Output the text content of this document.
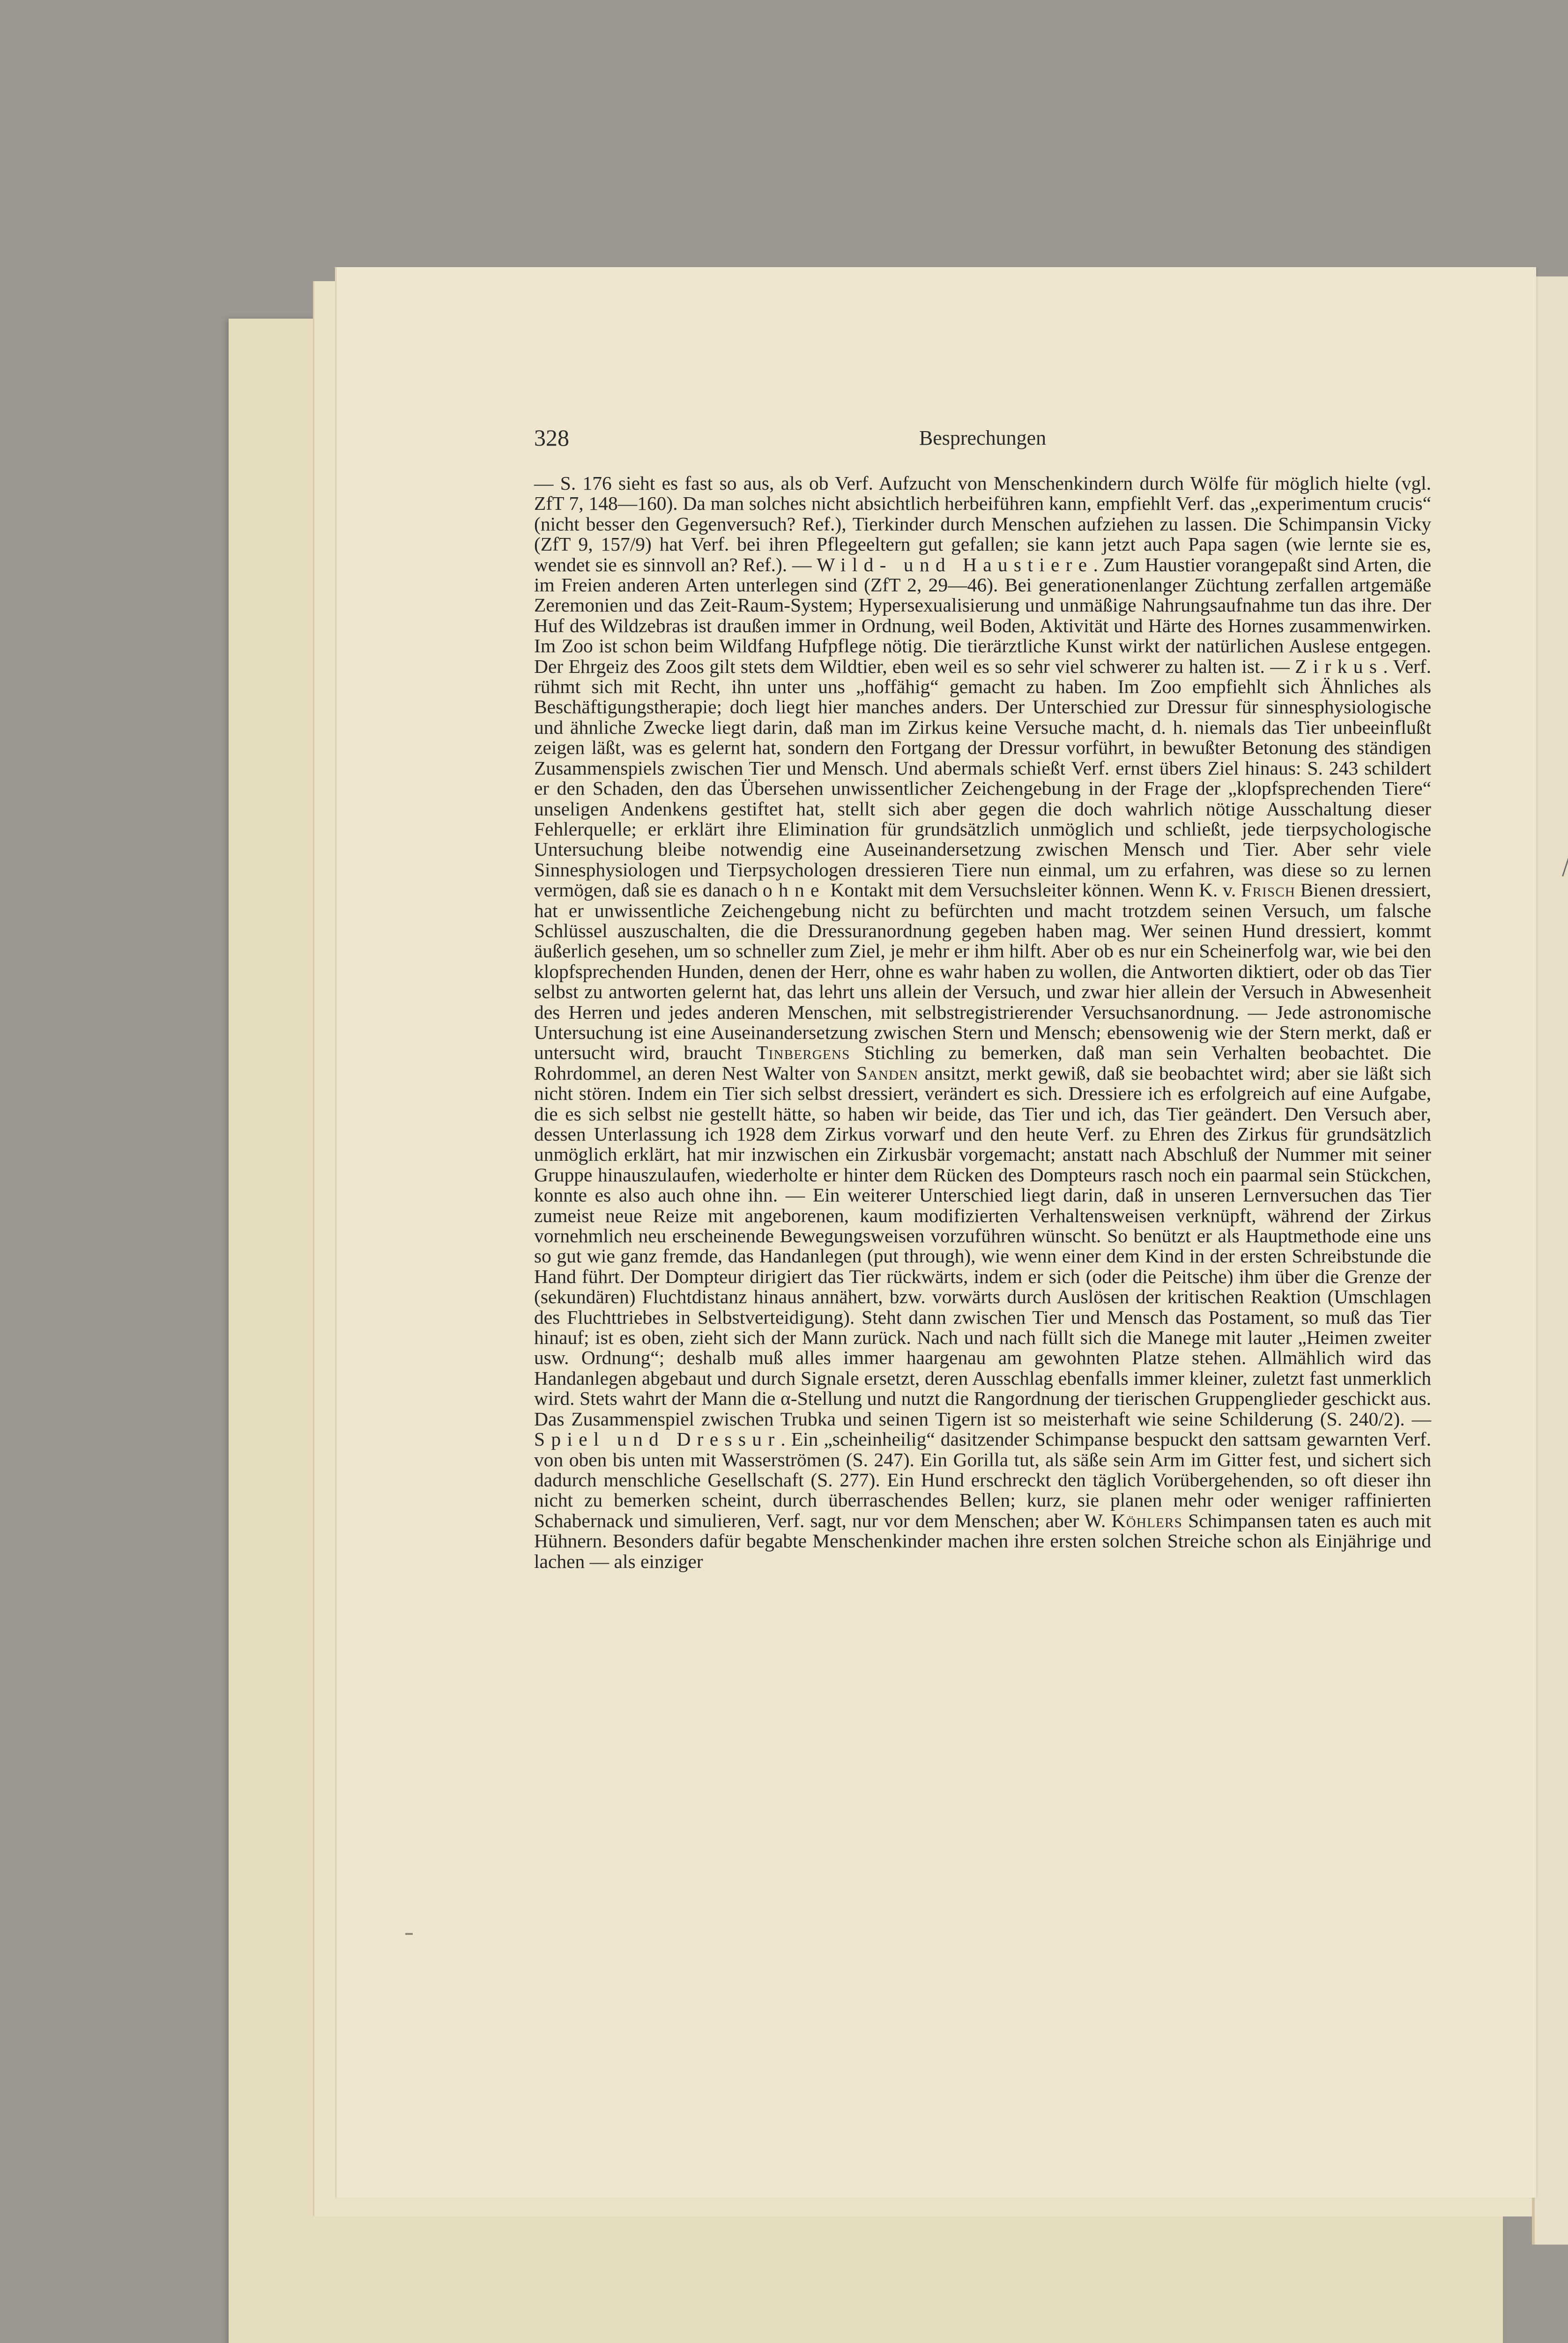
328	Besprechungen

— S. 176 sieht es fast so aus, als ob Verf. Aufzucht von Menschenkindern durch Wölfe für möglich hielte (vgl. ZfT 7, 148—160). Da man solches nicht absichtlich herbeiführen kann, empfiehlt Verf. das „experimentum crucis“ (nicht besser den Gegenversuch? Ref.), Tierkinder durch Menschen aufziehen zu lassen. Die Schimpansin Vicky (ZfT 9, 157/9) hat Verf. bei ihren Pflegeeltern gut gefallen; sie kann jetzt auch Papa sagen (wie lernte sie es, wendet sie es sinnvoll an? Ref.). — Wild- und Haustiere. Zum Haustier vorangepaßt sind Arten, die im Freien anderen Arten unterlegen sind (ZfT 2, 29—46). Bei generationenlanger Züchtung zerfallen artgemäße Zeremonien und das Zeit-Raum-System; Hypersexualisierung und unmäßige Nahrungsaufnahme tun das ihre. Der Huf des Wildzebras ist draußen immer in Ordnung, weil Boden, Aktivität und Härte des Hornes zusammenwirken. Im Zoo ist schon beim Wildfang Hufpflege nötig. Die tierärztliche Kunst wirkt der natürlichen Auslese entgegen. Der Ehrgeiz des Zoos gilt stets dem Wildtier, eben weil es so sehr viel schwerer zu halten ist. — Zirkus. Verf. rühmt sich mit Recht, ihn unter uns „hoffähig“ gemacht zu haben. Im Zoo empfiehlt sich Ähnliches als Beschäftigungstherapie; doch liegt hier manches anders. Der Unterschied zur Dressur für sinnesphysiologische und ähnliche Zwecke liegt darin, daß man im Zirkus keine Versuche macht, d. h. niemals das Tier unbeeinflußt zeigen läßt, was es gelernt hat, sondern den Fortgang der Dressur vorführt, in bewußter Betonung des ständigen Zusammenspiels zwischen Tier und Mensch. Und abermals schießt Verf. ernst übers Ziel hinaus: S. 243 schildert er den Schaden, den das Übersehen unwissentlicher Zeichengebung in der Frage der „klopfsprechenden Tiere“ unseligen Andenkens gestiftet hat, stellt sich aber gegen die doch wahrlich nötige Ausschaltung dieser Fehlerquelle; er erklärt ihre Elimination für grundsätzlich unmöglich und schließt, jede tierpsychologische Untersuchung bleibe notwendig eine Auseinandersetzung zwischen Mensch und Tier. Aber sehr viele Sinnesphysiologen und Tierpsychologen dressieren Tiere nun einmal, um zu erfahren, was diese so zu lernen vermögen, daß sie es danach ohne Kontakt mit dem Versuchsleiter können. Wenn K. v. Frisch Bienen dressiert, hat er unwissentliche Zeichengebung nicht zu befürchten und macht trotzdem seinen Versuch, um falsche Schlüssel auszuschalten, die die Dressuranordnung gegeben haben mag. Wer seinen Hund dressiert, kommt äußerlich gesehen, um so schneller zum Ziel, je mehr er ihm hilft. Aber ob es nur ein Scheinerfolg war, wie bei den klopfsprechenden Hunden, denen der Herr, ohne es wahr haben zu wollen, die Antworten diktiert, oder ob das Tier selbst zu antworten gelernt hat, das lehrt uns allein der Versuch, und zwar hier allein der Versuch in Abwesenheit des Herren und jedes anderen Menschen, mit selbstregistrierender Versuchsanordnung. — Jede astronomische Untersuchung ist eine Auseinandersetzung zwischen Stern und Mensch; ebensowenig wie der Stern merkt, daß er untersucht wird, braucht Tinbergens Stichling zu bemerken, daß man sein Verhalten beobachtet. Die Rohrdommel, an deren Nest Walter von Sanden ansitzt, merkt gewiß, daß sie beobachtet wird; aber sie läßt sich nicht stören. Indem ein Tier sich selbst dressiert, verändert es sich. Dressiere ich es erfolgreich auf eine Aufgabe, die es sich selbst nie gestellt hätte, so haben wir beide, das Tier und ich, das Tier geändert. Den Versuch aber, dessen Unterlassung ich 1928 dem Zirkus vorwarf und den heute Verf. zu Ehren des Zirkus für grundsätzlich unmöglich erklärt, hat mir inzwischen ein Zirkusbär vorgemacht; anstatt nach Abschluß der Nummer mit seiner Gruppe hinauszulaufen, wiederholte er hinter dem Rücken des Dompteurs rasch noch ein paarmal sein Stückchen, konnte es also auch ohne ihn. — Ein weiterer Unterschied liegt darin, daß in unseren Lernversuchen das Tier zumeist neue Reize mit angeborenen, kaum modifizierten Verhaltensweisen verknüpft, während der Zirkus vornehmlich neu erscheinende Bewegungsweisen vorzuführen wünscht. So benützt er als Hauptmethode eine uns so gut wie ganz fremde, das Handanlegen (put through), wie wenn einer dem Kind in der ersten Schreibstunde die Hand führt. Der Dompteur dirigiert das Tier rückwärts, indem er sich (oder die Peitsche) ihm über die Grenze der (sekundären) Fluchtdistanz hinaus annähert, bzw. vorwärts durch Auslösen der kritischen Reaktion (Umschlagen des Fluchttriebes in Selbstverteidigung). Steht dann zwischen Tier und Mensch das Postament, so muß das Tier hinauf; ist es oben, zieht sich der Mann zurück. Nach und nach füllt sich die Manege mit lauter „Heimen zweiter usw. Ordnung“; deshalb muß alles immer haargenau am gewohnten Platze stehen. Allmählich wird das Handanlegen abgebaut und durch Signale ersetzt, deren Ausschlag ebenfalls immer kleiner, zuletzt fast unmerklich wird. Stets wahrt der Mann die α-Stellung und nutzt die Rangordnung der tierischen Gruppenglieder geschickt aus. Das Zusammenspiel zwischen Trubka und seinen Tigern ist so meisterhaft wie seine Schilderung (S. 240/2). — Spiel und Dressur. Ein „scheinheilig“ dasitzender Schimpanse bespuckt den sattsam gewarnten Verf. von oben bis unten mit Wasserströmen (S. 247). Ein Gorilla tut, als säße sein Arm im Gitter fest, und sichert sich dadurch menschliche Gesellschaft (S. 277). Ein Hund erschreckt den täglich Vorübergehenden, so oft dieser ihn nicht zu bemerken scheint, durch überraschendes Bellen; kurz, sie planen mehr oder weniger raffinierten Schabernack und simulieren, Verf. sagt, nur vor dem Menschen; aber W. Köhlers Schimpansen taten es auch mit Hühnern. Besonders dafür begabte Menschenkinder machen ihre ersten solchen Streiche schon als Einjährige und lachen — als einziger
